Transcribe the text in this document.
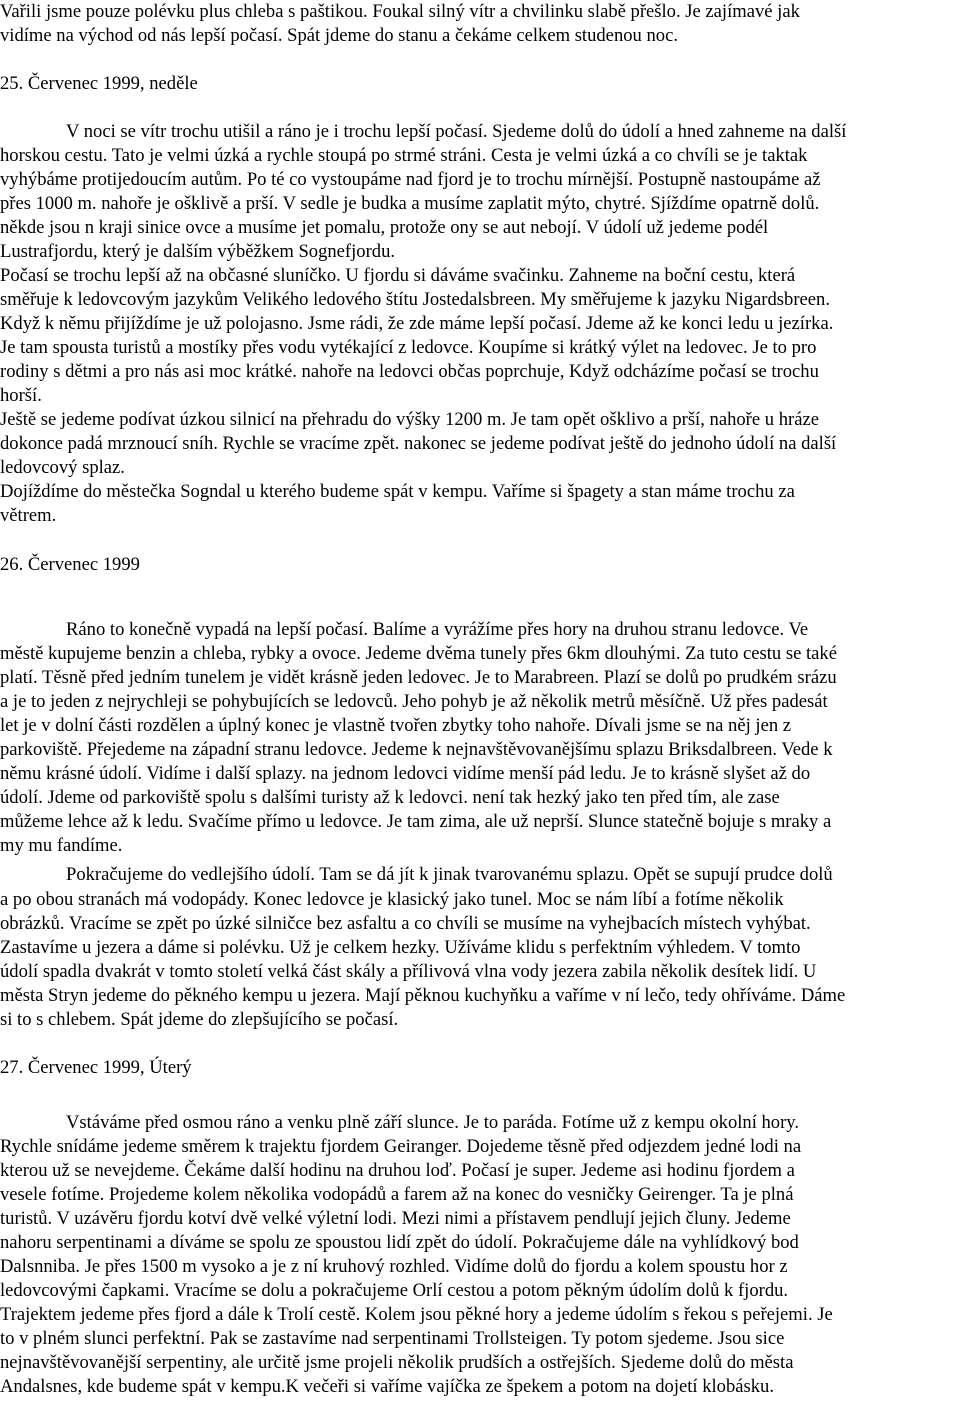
Vařili jsme pouze polévku plus chleba s paštikou. Foukal silný vítr a chvilinku slabě přešlo. Je zajímavé jak

vidíme na východ od nás lepší počasí. Spát jdeme do stanu a čekáme celkem studenou noc.

25. Červenec 1999, neděle

V noci se vítr trochu utišil a ráno je i trochu lepší počasí. Sjedeme dolů do údolí a hned zahneme na další

horskou cestu. Tato je velmi úzká a rychle stoupá po strmé stráni. Cesta je velmi úzká a co chvíli se je taktak

vyhýbáme protijedoucím autům. Po té co vystoupáme nad fjord je to trochu mírnější. Postupně nastoupáme až

přes 1000 m. nahoře je ošklivě a prší. V sedle je budka a musíme zaplatit mýto, chytré. Sjíždíme opatrně dolů.

někde jsou n kraji sinice ovce a musíme jet pomalu, protože ony se aut nebojí. V údolí už jedeme podél

Lustrafjordu, který je dalším výběžkem Sognefjordu.

Počasí se trochu lepší až na občasné sluníčko. U fjordu si dáváme svačinku. Zahneme na boční cestu, která

směřuje k ledovcovým jazykům Velikého ledového štítu Jostedalsbreen. My směřujeme k jazyku Nigardsbreen.

Když k němu přijíždíme je už polojasno. Jsme rádi, že zde máme lepší počasí. Jdeme až ke konci ledu u jezírka.

Je tam spousta turistů a mostíky přes vodu vytékající z ledovce. Koupíme si krátký výlet na ledovec. Je to pro

rodiny s dětmi a pro nás asi moc krátké. nahoře na ledovci občas poprchuje, Když odcházíme počasí se trochu

horší.

Ještě se jedeme podívat úzkou silnicí na přehradu do výšky 1200 m. Je tam opět ošklivo a prší, nahoře u hráze

dokonce padá mrznoucí sníh. Rychle se vracíme zpět. nakonec se jedeme podívat ještě do jednoho údolí na další

ledovcový splaz.

Dojíždíme do městečka Sogndal u kterého budeme spát v kempu. Vaříme si špagety a stan máme trochu za

větrem.

26. Červenec 1999

Ráno to konečně vypadá na lepší počasí. Balíme a vyrážíme přes hory na druhou stranu ledovce. Ve

městě kupujeme benzin a chleba, rybky a ovoce. Jedeme dvěma tunely přes 6km dlouhými. Za tuto cestu se také

platí. Těsně před jedním tunelem je vidět krásně jeden ledovec. Je to Marabreen. Plazí se dolů po prudkém srázu

a je to jeden z nejrychleji se pohybujících se ledovců. Jeho pohyb je až několik metrů měsíčně. Už přes padesát

let je v dolní části rozdělen a úplný konec je vlastně tvořen zbytky toho nahoře. Dívali jsme se na něj jen z

parkoviště. Přejedeme na západní stranu ledovce. Jedeme k nejnavštěvovanějšímu splazu Briksdalbreen. Vede k

němu krásné údolí. Vidíme i další splazy. na jednom ledovci vidíme menší pád ledu. Je to krásně slyšet až do

údolí. Jdeme od parkoviště spolu s dalšími turisty až k ledovci. není tak hezký jako ten před tím, ale zase

můžeme lehce až k ledu. Svačíme přímo u ledovce. Je tam zima, ale už neprší. Slunce statečně bojuje s mraky a

my mu fandíme.

Pokračujeme do vedlejšího údolí. Tam se dá jít k jinak tvarovanému splazu. Opět se supují prudce dolů

a po obou stranách má vodopády. Konec ledovce je klasický jako tunel. Moc se nám líbí a fotíme několik

obrázků. Vracíme se zpět po úzké silničce bez asfaltu a co chvíli se musíme na vyhejbacích místech vyhýbat.

Zastavíme u jezera a dáme si polévku. Už je celkem hezky. Užíváme klidu s perfektním výhledem. V tomto

údolí spadla dvakrát v tomto století velká část skály a přílivová vlna vody jezera zabila několik desítek lidí. U

města Stryn jedeme do pěkného kempu u jezera. Mají pěknou kuchyňku a vaříme v ní lečo, tedy ohříváme. Dáme

si to s chlebem. Spát jdeme do zlepšujícího se počasí.

27. Červenec 1999, Úterý

Vstáváme před osmou ráno a venku plně září slunce. Je to paráda. Fotíme už z kempu okolní hory.

Rychle snídáme jedeme směrem k trajektu fjordem Geiranger. Dojedeme těsně před odjezdem jedné lodi na

kterou už se nevejdeme. Čekáme další hodinu na druhou loď. Počasí je super. Jedeme asi hodinu fjordem a

vesele fotíme. Projedeme kolem několika vodopádů a farem až na konec do vesničky Geirenger. Ta je plná

turistů. V uzávěru fjordu kotví dvě velké výletní lodi. Mezi nimi a přístavem pendlují jejich čluny. Jedeme

nahoru serpentinami a díváme se spolu ze spoustou lidí zpět do údolí. Pokračujeme dále na vyhlídkový bod

Dalsnniba. Je přes 1500 m vysoko a je z ní kruhový rozhled. Vidíme dolů do fjordu a kolem spoustu hor z

ledovcovými čapkami. Vracíme se dolu a pokračujeme Orlí cestou a potom pěkným údolím dolů k fjordu.

Trajektem jedeme přes fjord a dále k Trolí cestě. Kolem jsou pěkné hory a jedeme údolím s řekou s peřejemi. Je

to v plném slunci perfektní. Pak se zastavíme nad serpentinami Trollsteigen. Ty potom sjedeme. Jsou sice

nejnavštěvovanější serpentiny, ale určitě jsme projeli několik prudších a ostřejších. Sjedeme dolů do města

Andalsnes, kde budeme spát v kempu.K večeři si vaříme vajíčka ze špekem a potom na dojetí klobásku.
